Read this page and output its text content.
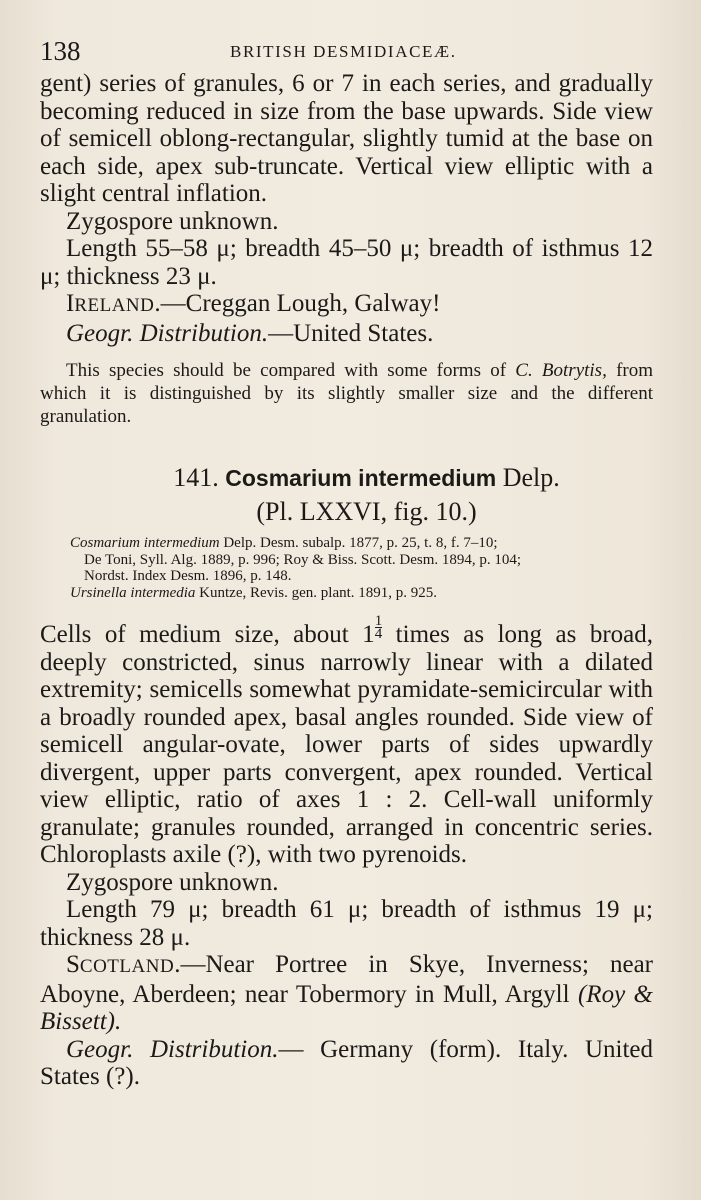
138	BRITISH DESMIDIACEÆ.

gent) series of granules, 6 or 7 in each series, and gradually becoming reduced in size from the base upwards. Side view of semicell oblong-rectangular, slightly tumid at the base on each side, apex sub-truncate. Vertical view elliptic with a slight central inflation.

Zygospore unknown.

Length 55–58 μ; breadth 45–50 μ; breadth of isthmus 12 μ; thickness 23 μ.

IRELAND.—Creggan Lough, Galway!

Geogr. Distribution.—United States.

This species should be compared with some forms of C. Botrytis, from which it is distinguished by its slightly smaller size and the different granulation.

141. Cosmarium intermedium Delp.
(Pl. LXXVI, fig. 10.)
Cosmarium intermedium Delp. Desm. subalp. 1877, p. 25, t. 8, f. 7–10;
De Toni, Syll. Alg. 1889, p. 996; Roy & Biss. Scott. Desm. 1894, p. 104;
Nordst. Index Desm. 1896, p. 148.
Ursinella intermedia Kuntze, Revis. gen. plant. 1891, p. 925.

Cells of medium size, about $1 \frac{1}{4}$ times as long as broad, deeply constricted, sinus narrowly linear with a dilated extremity; semicells somewhat pyramidate-semicircular with a broadly rounded apex, basal angles rounded. Side view of semicell angular-ovate, lower parts of sides upwardly divergent, upper parts convergent, apex rounded. Vertical view elliptic, ratio of axes 1 : 2. Cell-wall uniformly granulate; granules rounded, arranged in concentric series. Chloroplasts axile (?), with two pyrenoids.

Zygospore unknown.

Length 79 μ; breadth 61 μ; breadth of isthmus 19 μ; thickness 28 μ.

SCOTLAND.—Near Portree in Skye, Inverness; near Aboyne, Aberdeen; near Tobermory in Mull, Argyll (Roy & Bissett).

Geogr. Distribution.— Germany (form). Italy. United States (?).
